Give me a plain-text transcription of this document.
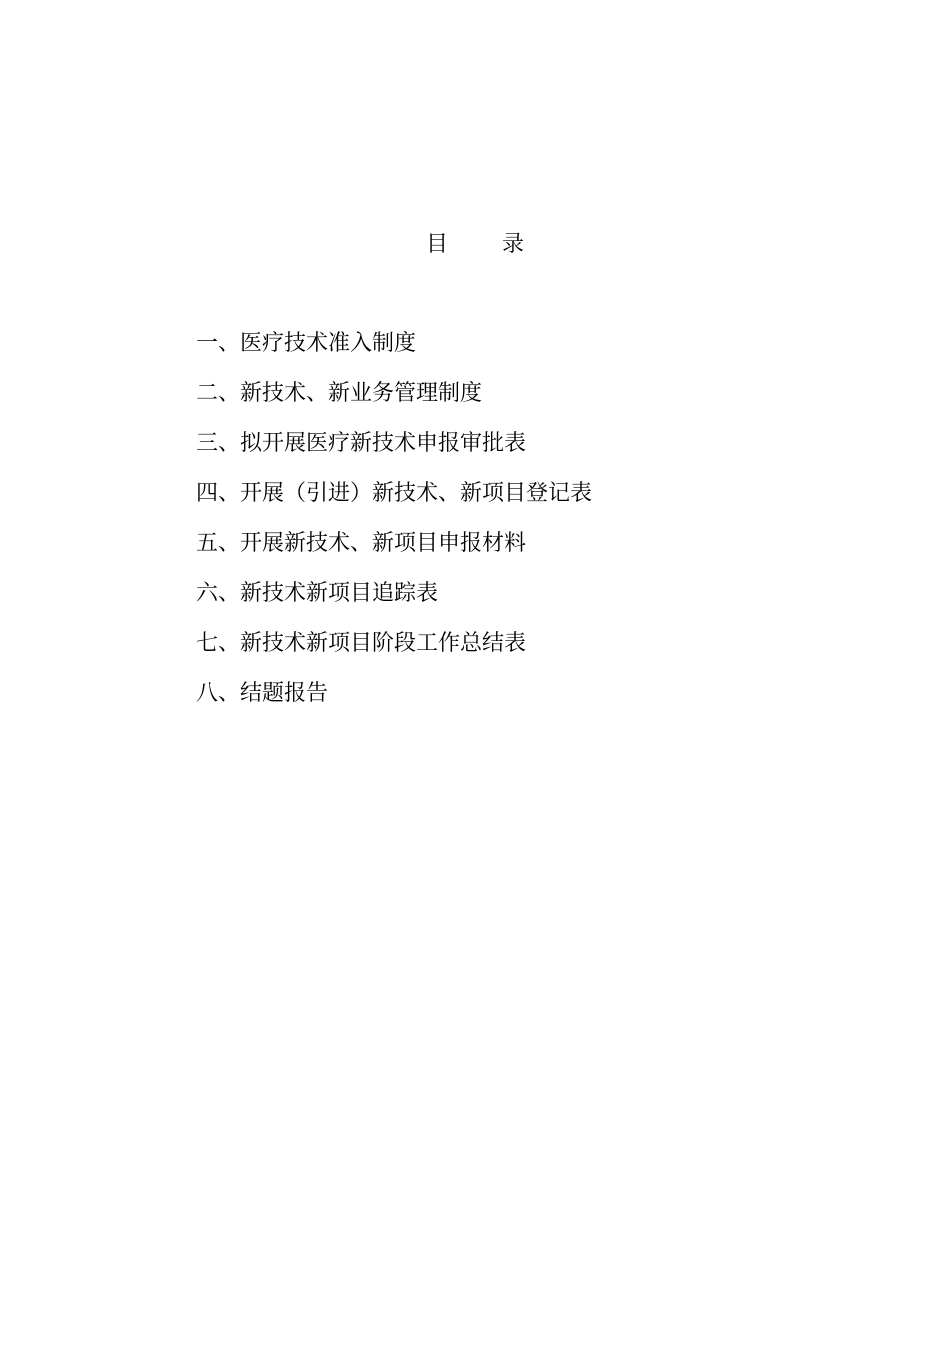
目 录
一、医疗技术准入制度
二、新技术、新业务管理制度
三、拟开展医疗新技术申报审批表
四、开展（引进）新技术、新项目登记表
五、开展新技术、新项目申报材料
六、新技术新项目追踪表
七、新技术新项目阶段工作总结表
八、结题报告
